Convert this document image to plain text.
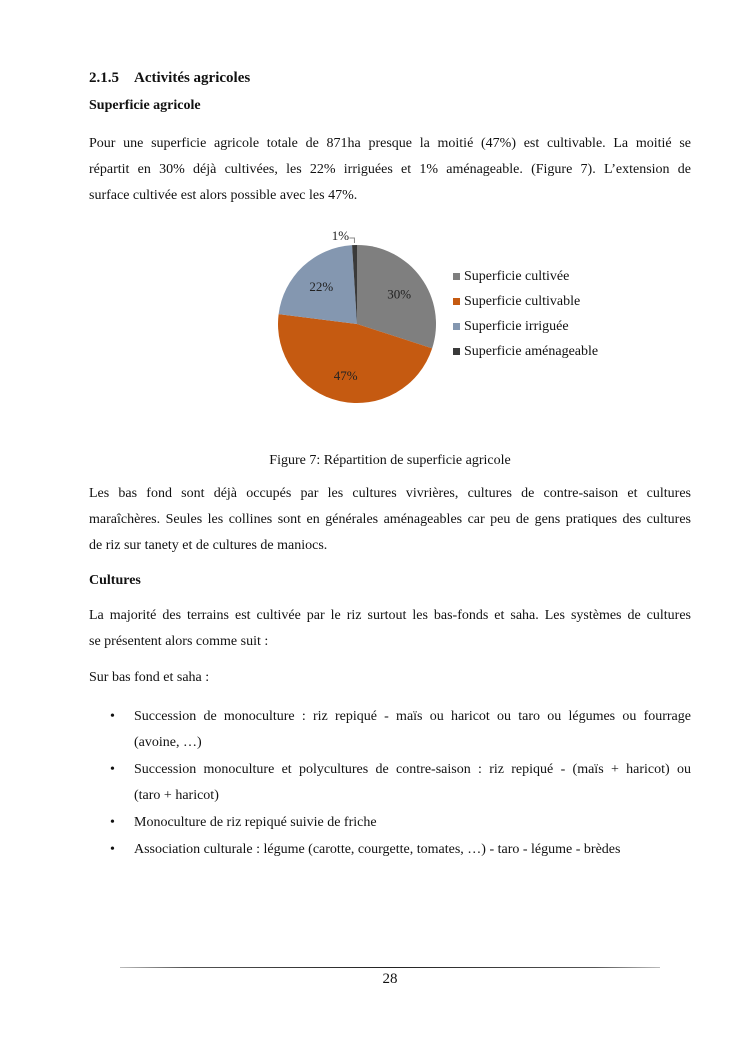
2.1.5 Activités agricoles
Superficie agricole
Pour une superficie agricole totale de 871ha presque la moitié (47%) est cultivable. La moitié se
répartit en 30% déjà cultivées, les 22% irriguées et 1% aménageable. (Figure 7). L’extension de
surface cultivée est alors possible avec les 47%.
30%
47%
22%
1%
Superficie cultivée
Superficie cultivable
Superficie irriguée
Superficie aménageable
Figure 7: Répartition de superficie agricole
Les bas fond sont déjà occupés par les cultures vivrières, cultures de contre-saison et cultures
maraîchères. Seules les collines sont en générales aménageables car peu de gens pratiques des cultures
de riz sur tanety et de cultures de maniocs.
Cultures
La majorité des terrains est cultivée par le riz surtout les bas-fonds et saha. Les systèmes de cultures
se présentent alors comme suit :
Sur bas fond et saha :
• Succession de monoculture : riz repiqué - maïs ou haricot ou taro ou légumes ou fourrage
(avoine, …)
• Succession monoculture et polycultures de contre-saison : riz repiqué - (maïs + haricot) ou
(taro + haricot)
• Monoculture de riz repiqué suivie de friche
• Association culturale : légume (carotte, courgette, tomates, …) - taro - légume - brèdes
28
